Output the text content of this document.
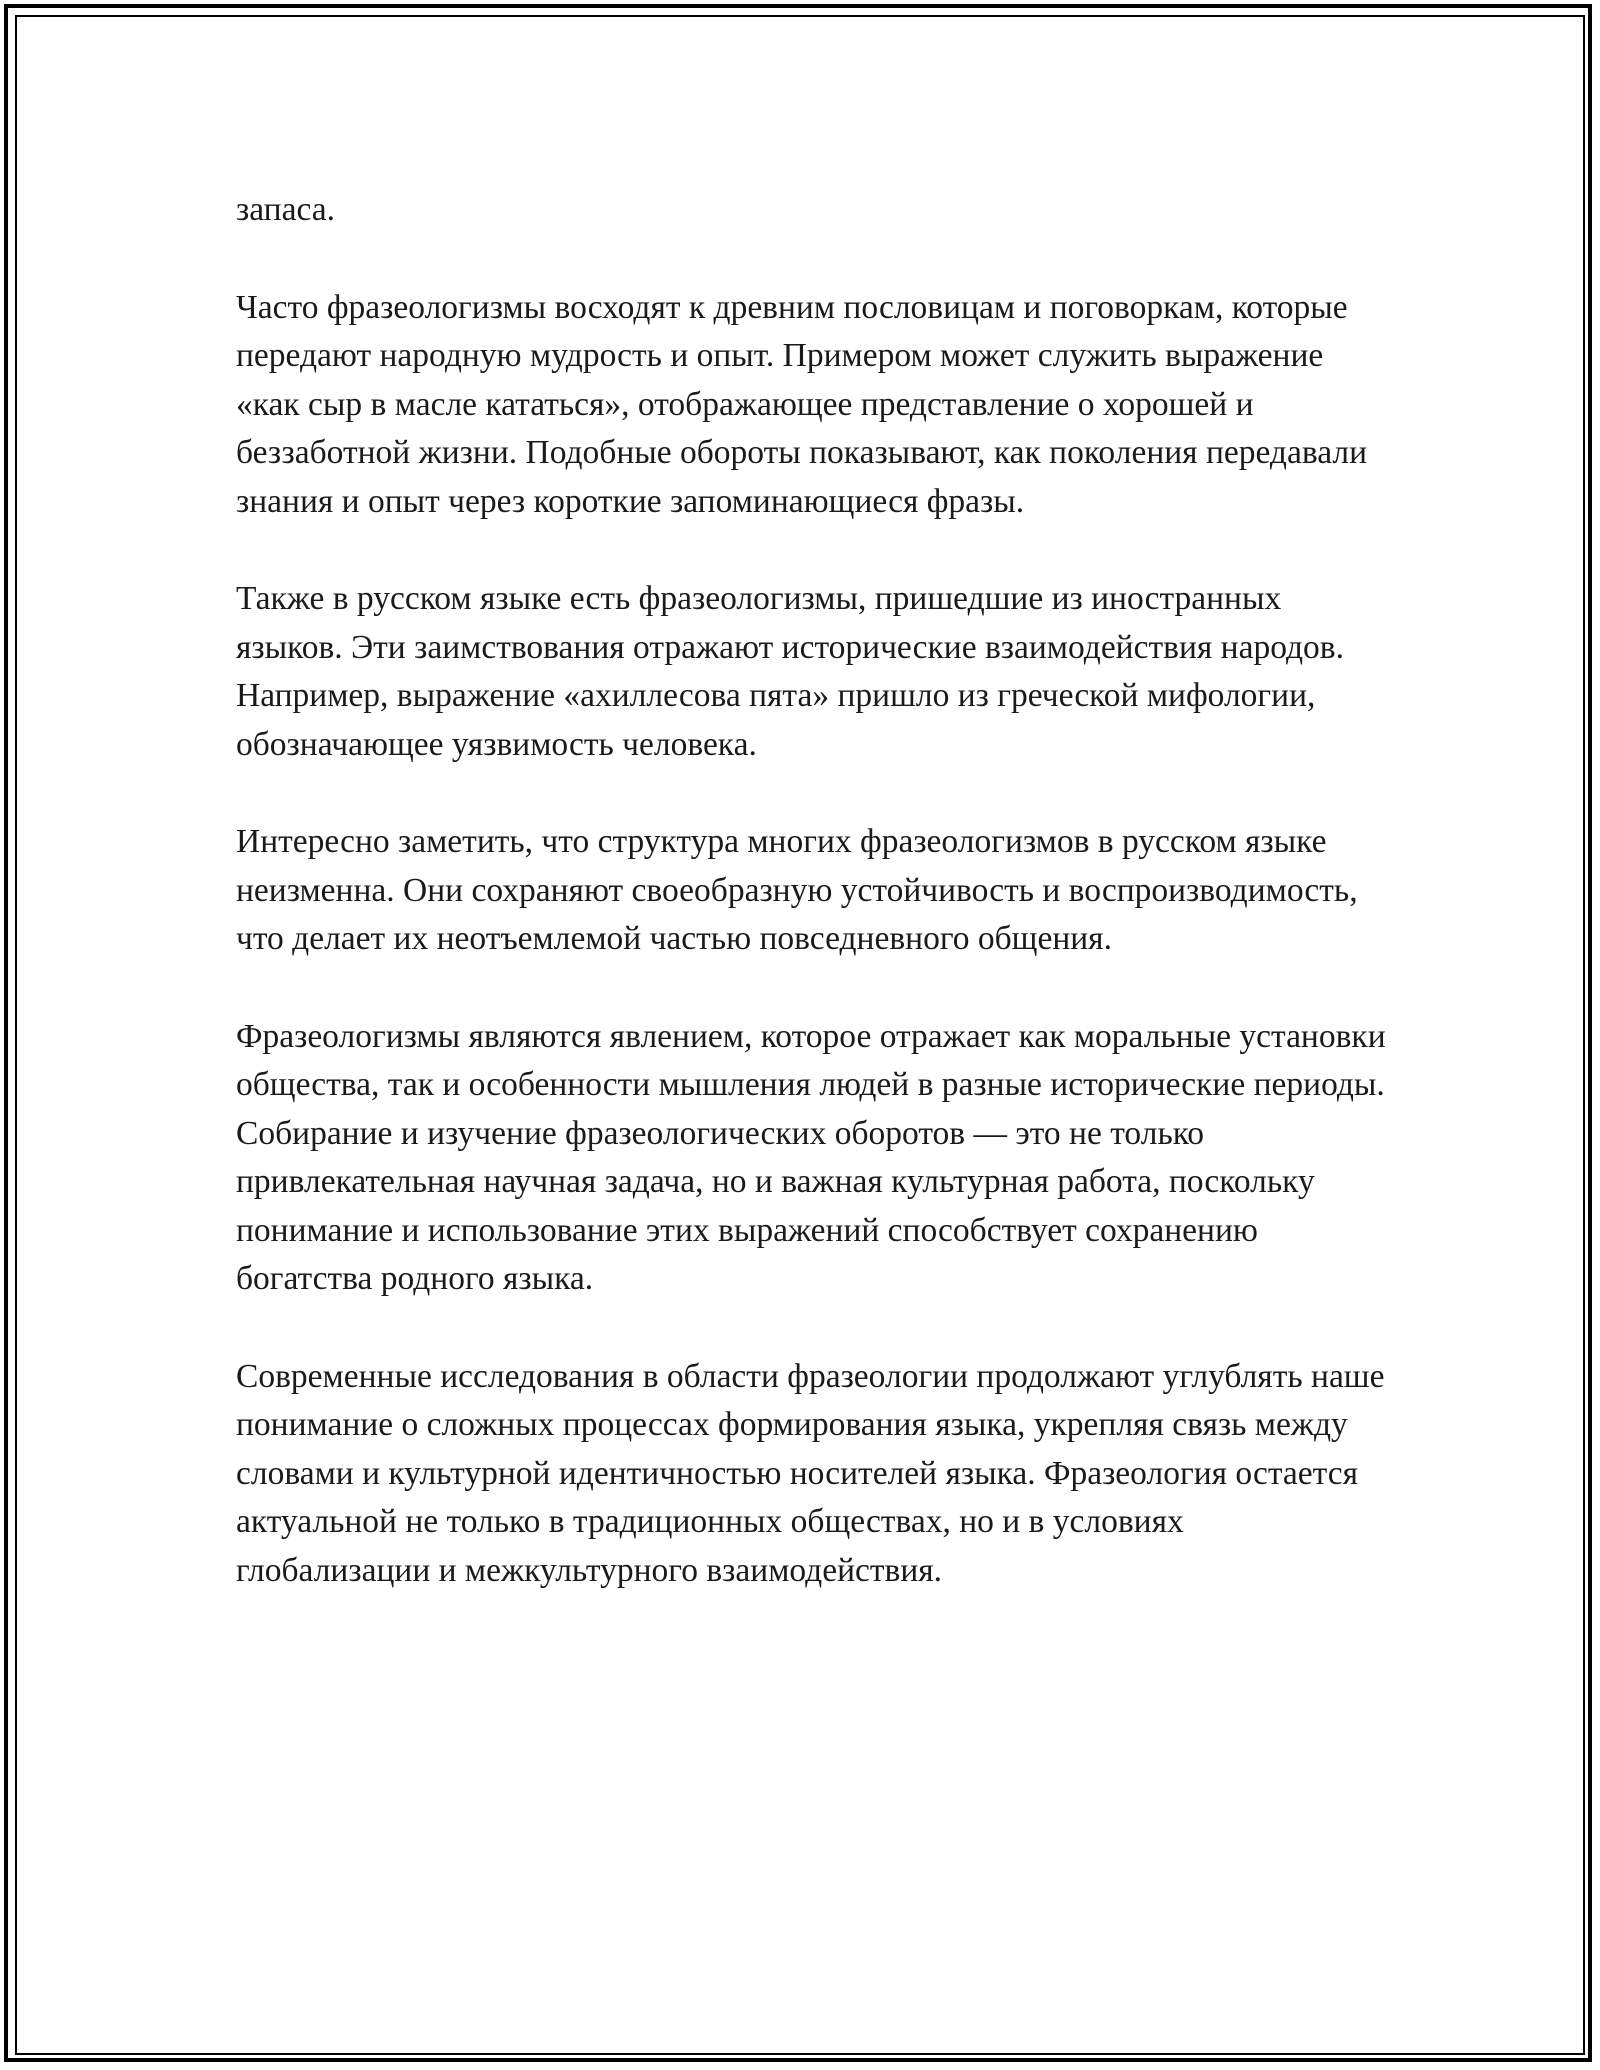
запаса.

Часто фразеологизмы восходят к древним пословицам и поговоркам, которые передают народную мудрость и опыт. Примером может служить выражение «как сыр в масле кататься», отображающее представление о хорошей и беззаботной жизни. Подобные обороты показывают, как поколения передавали знания и опыт через короткие запоминающиеся фразы.

Также в русском языке есть фразеологизмы, пришедшие из иностранных языков. Эти заимствования отражают исторические взаимодействия народов. Например, выражение «ахиллесова пята» пришло из греческой мифологии, обозначающее уязвимость человека.

Интересно заметить, что структура многих фразеологизмов в русском языке неизменна. Они сохраняют своеобразную устойчивость и воспроизводимость, что делает их неотъемлемой частью повседневного общения.

Фразеологизмы являются явлением, которое отражает как моральные установки общества, так и особенности мышления людей в разные исторические периоды. Собирание и изучение фразеологических оборотов — это не только привлекательная научная задача, но и важная культурная работа, поскольку понимание и использование этих выражений способствует сохранению богатства родного языка.

Современные исследования в области фразеологии продолжают углублять наше понимание о сложных процессах формирования языка, укрепляя связь между словами и культурной идентичностью носителей языка. Фразеология остается актуальной не только в традиционных обществах, но и в условиях глобализации и межкультурного взаимодействия.
